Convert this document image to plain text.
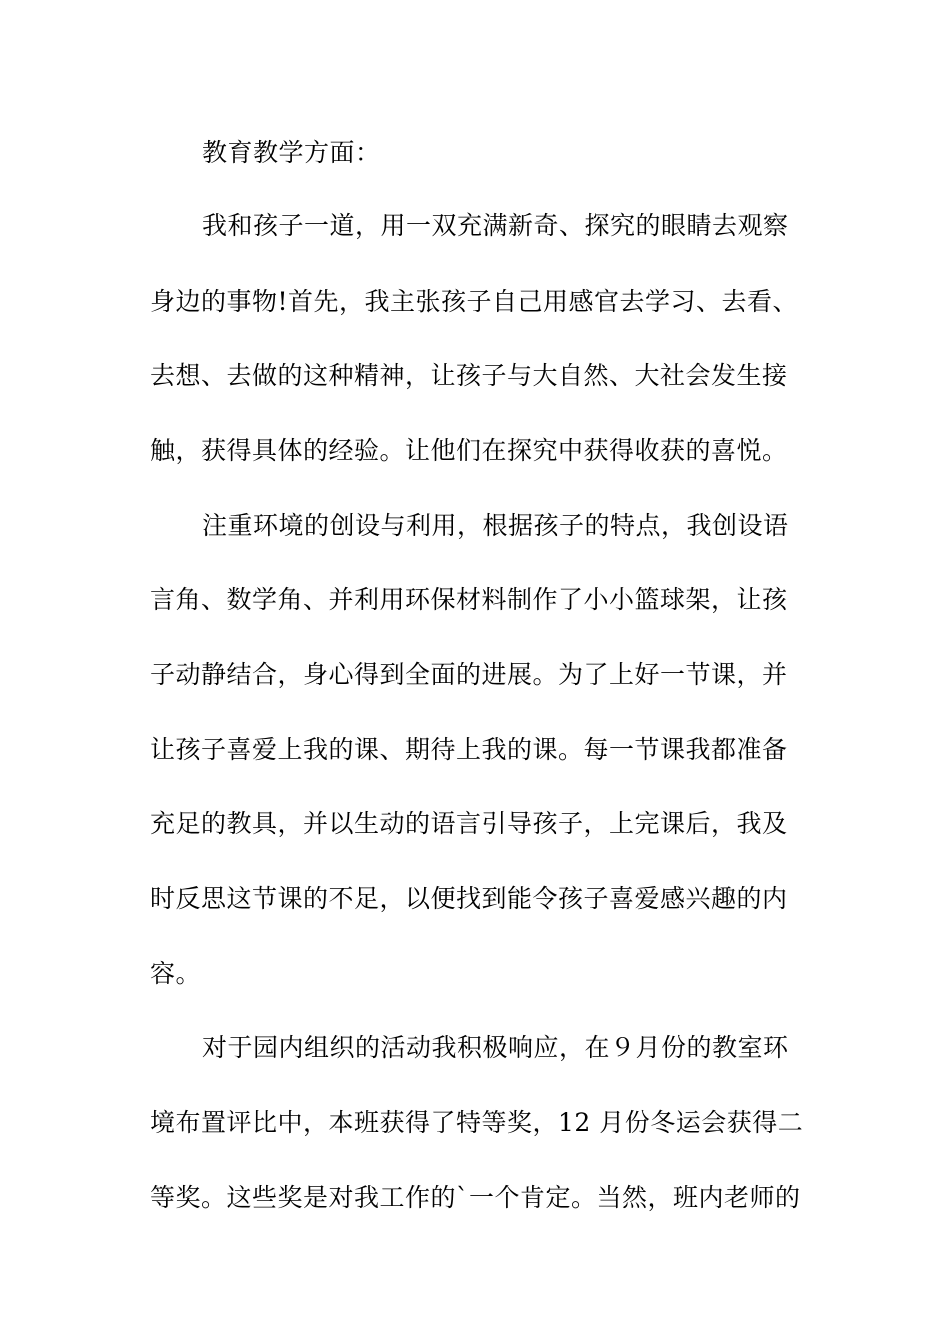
教育教学方面：
我和孩子一道，用一双充满新奇、探究的眼睛去观察
身边的事物!首先，我主张孩子自己用感官去学习、去看、
去想、去做的这种精神，让孩子与大自然、大社会发生接
触，获得具体的经验。让他们在探究中获得收获的喜悦。
注重环境的创设与利用，根据孩子的特点，我创设语
言角、数学角、并利用环保材料制作了小小篮球架，让孩
子动静结合，身心得到全面的进展。为了上好一节课，并
让孩子喜爱上我的课、期待上我的课。每一节课我都准备
充足的教具，并以生动的语言引导孩子，上完课后，我及
时反思这节课的不足，以便找到能令孩子喜爱感兴趣的内
容。
对于园内组织的活动我积极响应，在９月份的教室环
境布置评比中，本班获得了特等奖，12 月份冬运会获得二
等奖。这些奖是对我工作的`一个肯定。当然，班内老师的
